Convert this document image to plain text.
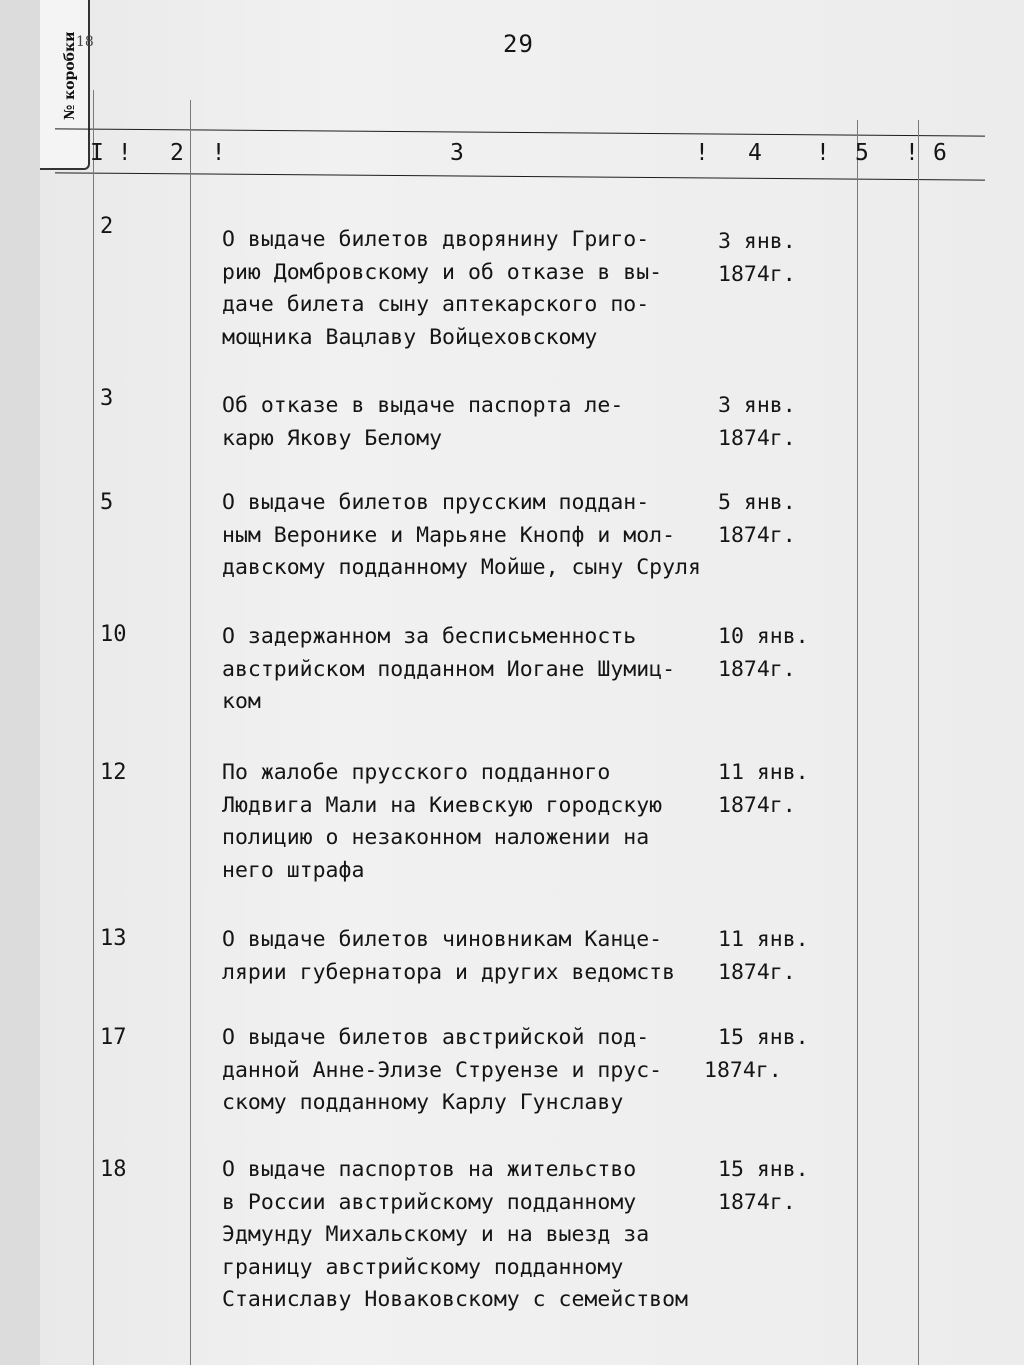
№ коробки
18	29
I ! 2 !	3	! 4 ! 5 ! 6
2
О выдаче билетов дворянину Григо-
рию Домбровскому и об отказе в вы-
даче билета сыну аптекарского по-
мощника Вацлаву Войцеховскому
3 янв.
1874г.
3	Об отказе в выдаче паспорта ле-
карю Якову Белому
3 янв.
1874г.
5	О выдаче билетов прусским поддан-
ным Веронике и Марьяне Кнопф и мол-
давскому подданному Мойше, сыну Сруля
5 янв.
1874г.
10	О задержанном за бесписьменность
австрийском подданном Иогане Шумиц-
ком
10 янв.
1874г.
12	По жалобе прусского подданного
Людвига Мали на Киевскую городскую
полицию о незаконном наложении на
него штрафа
11 янв.
1874г.
13	О выдаче билетов чиновникам Канце-
лярии губернатора и других ведомств
11 янв.
1874г.
17	О выдаче билетов австрийской под-
данной Анне-Элизе Струензе и прус-
скому подданному Карлу Гунславу
15 янв.
1874г.
18	О выдаче паспортов на жительство
в России австрийскому подданному
Эдмунду Михальскому и на выезд за
границу австрийскому подданному
Станиславу Новаковскому с семейством
15 янв.
1874г.
